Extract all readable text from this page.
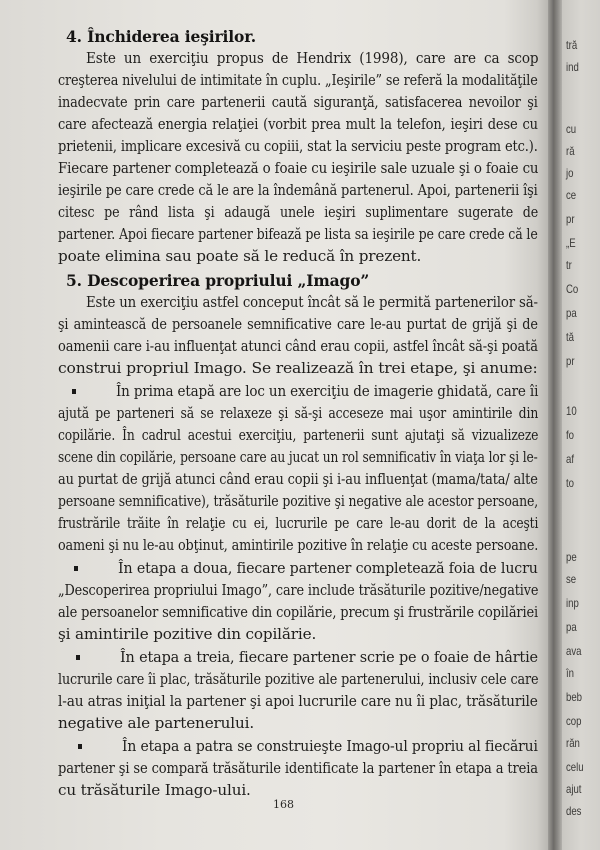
4. Închiderea ieşirilor.
Este un exerciţiu propus de Hendrix (1998), care are ca scop
creşterea nivelului de intimitate în cuplu. „Ieşirile” se referă la modalităţile
inadecvate prin care partenerii caută siguranţă, satisfacerea nevoilor şi
care afectează energia relaţiei (vorbit prea mult la telefon, ieşiri dese cu
prietenii, implicare excesivă cu copiii, stat la serviciu peste program etc.).
Fiecare partener completează o foaie cu ieşirile sale uzuale şi o foaie cu
ieşirile pe care crede că le are la îndemână partenerul. Apoi, partenerii îşi
citesc pe rând lista şi adaugă unele ieşiri suplimentare sugerate de
partener. Apoi fiecare partener bifează pe lista sa ieşirile pe care crede că le
poate elimina sau poate să le reducă în prezent.
5. Descoperirea propriului „Imago”
Este un exerciţiu astfel conceput încât să le permită partenerilor să-
şi amintească de persoanele semnificative care le-au purtat de grijă şi de
oamenii care i-au influenţat atunci când erau copii, astfel încât să-şi poată
construi propriul Imago. Se realizează în trei etape, şi anume:
În prima etapă are loc un exerciţiu de imagerie ghidată, care îi
ajută pe parteneri să se relaxeze şi să-şi acceseze mai uşor amintirile din
copilărie. În cadrul acestui exerciţiu, partenerii sunt ajutaţi să vizualizeze
scene din copilărie, persoane care au jucat un rol semnificativ în viaţa lor şi le-
au purtat de grijă atunci când erau copii şi i-au influenţat (mama/tata/ alte
persoane semnificative), trăsăturile pozitive şi negative ale acestor persoane,
frustrările trăite în relaţie cu ei, lucrurile pe care le-au dorit de la aceşti
oameni şi nu le-au obţinut, amintirile pozitive în relaţie cu aceste persoane.
În etapa a doua, fiecare partener completează foia de lucru
„Descoperirea propriului Imago”, care include trăsăturile pozitive/negative
ale persoanelor semnificative din copilărie, precum şi frustrările copilăriei
şi amintirile pozitive din copilărie.
În etapa a treia, fiecare partener scrie pe o foaie de hârtie
lucrurile care îi plac, trăsăturile pozitive ale partenerului, inclusiv cele care
l-au atras iniţial la partener şi apoi lucrurile care nu îi plac, trăsăturile
negative ale partenerului.
În etapa a patra se construieşte Imago-ul propriu al fiecărui
partener şi se compară trăsăturile identificate la partener în etapa a treia
cu trăsăturile Imago-ului.
168
tră
ind
cu
ră
jo
ce
pr
„E
tr
Co
pa
tă
pr
10
fo
af
to
pe
se
inp
pa
ava
în
beb
cop
răn
celu
ajut
des
